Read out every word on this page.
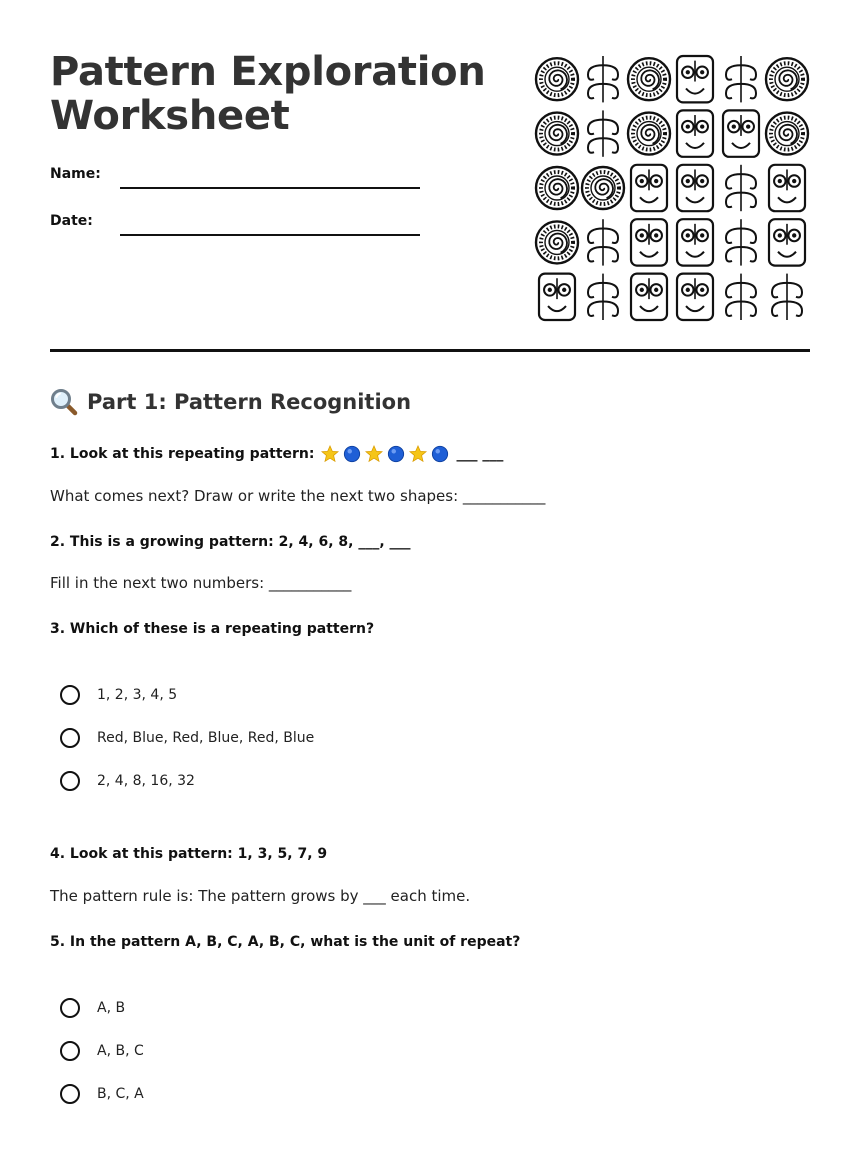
Pattern Exploration
Worksheet
Name:
Date:
Part 1: Pattern Recognition
1. Look at this repeating pattern:	___ ___

What comes next? Draw or write the next two shapes: ___________

2. This is a growing pattern: 2, 4, 6, 8, ___, ___

Fill in the next two numbers: ___________

3. Which of these is a repeating pattern?

1, 2, 3, 4, 5
Red, Blue, Red, Blue, Red, Blue
2, 4, 8, 16, 32

4. Look at this pattern: 1, 3, 5, 7, 9

The pattern rule is: The pattern grows by ___ each time.

5. In the pattern A, B, C, A, B, C, what is the unit of repeat?

A, B
A, B, C
B, C, A
